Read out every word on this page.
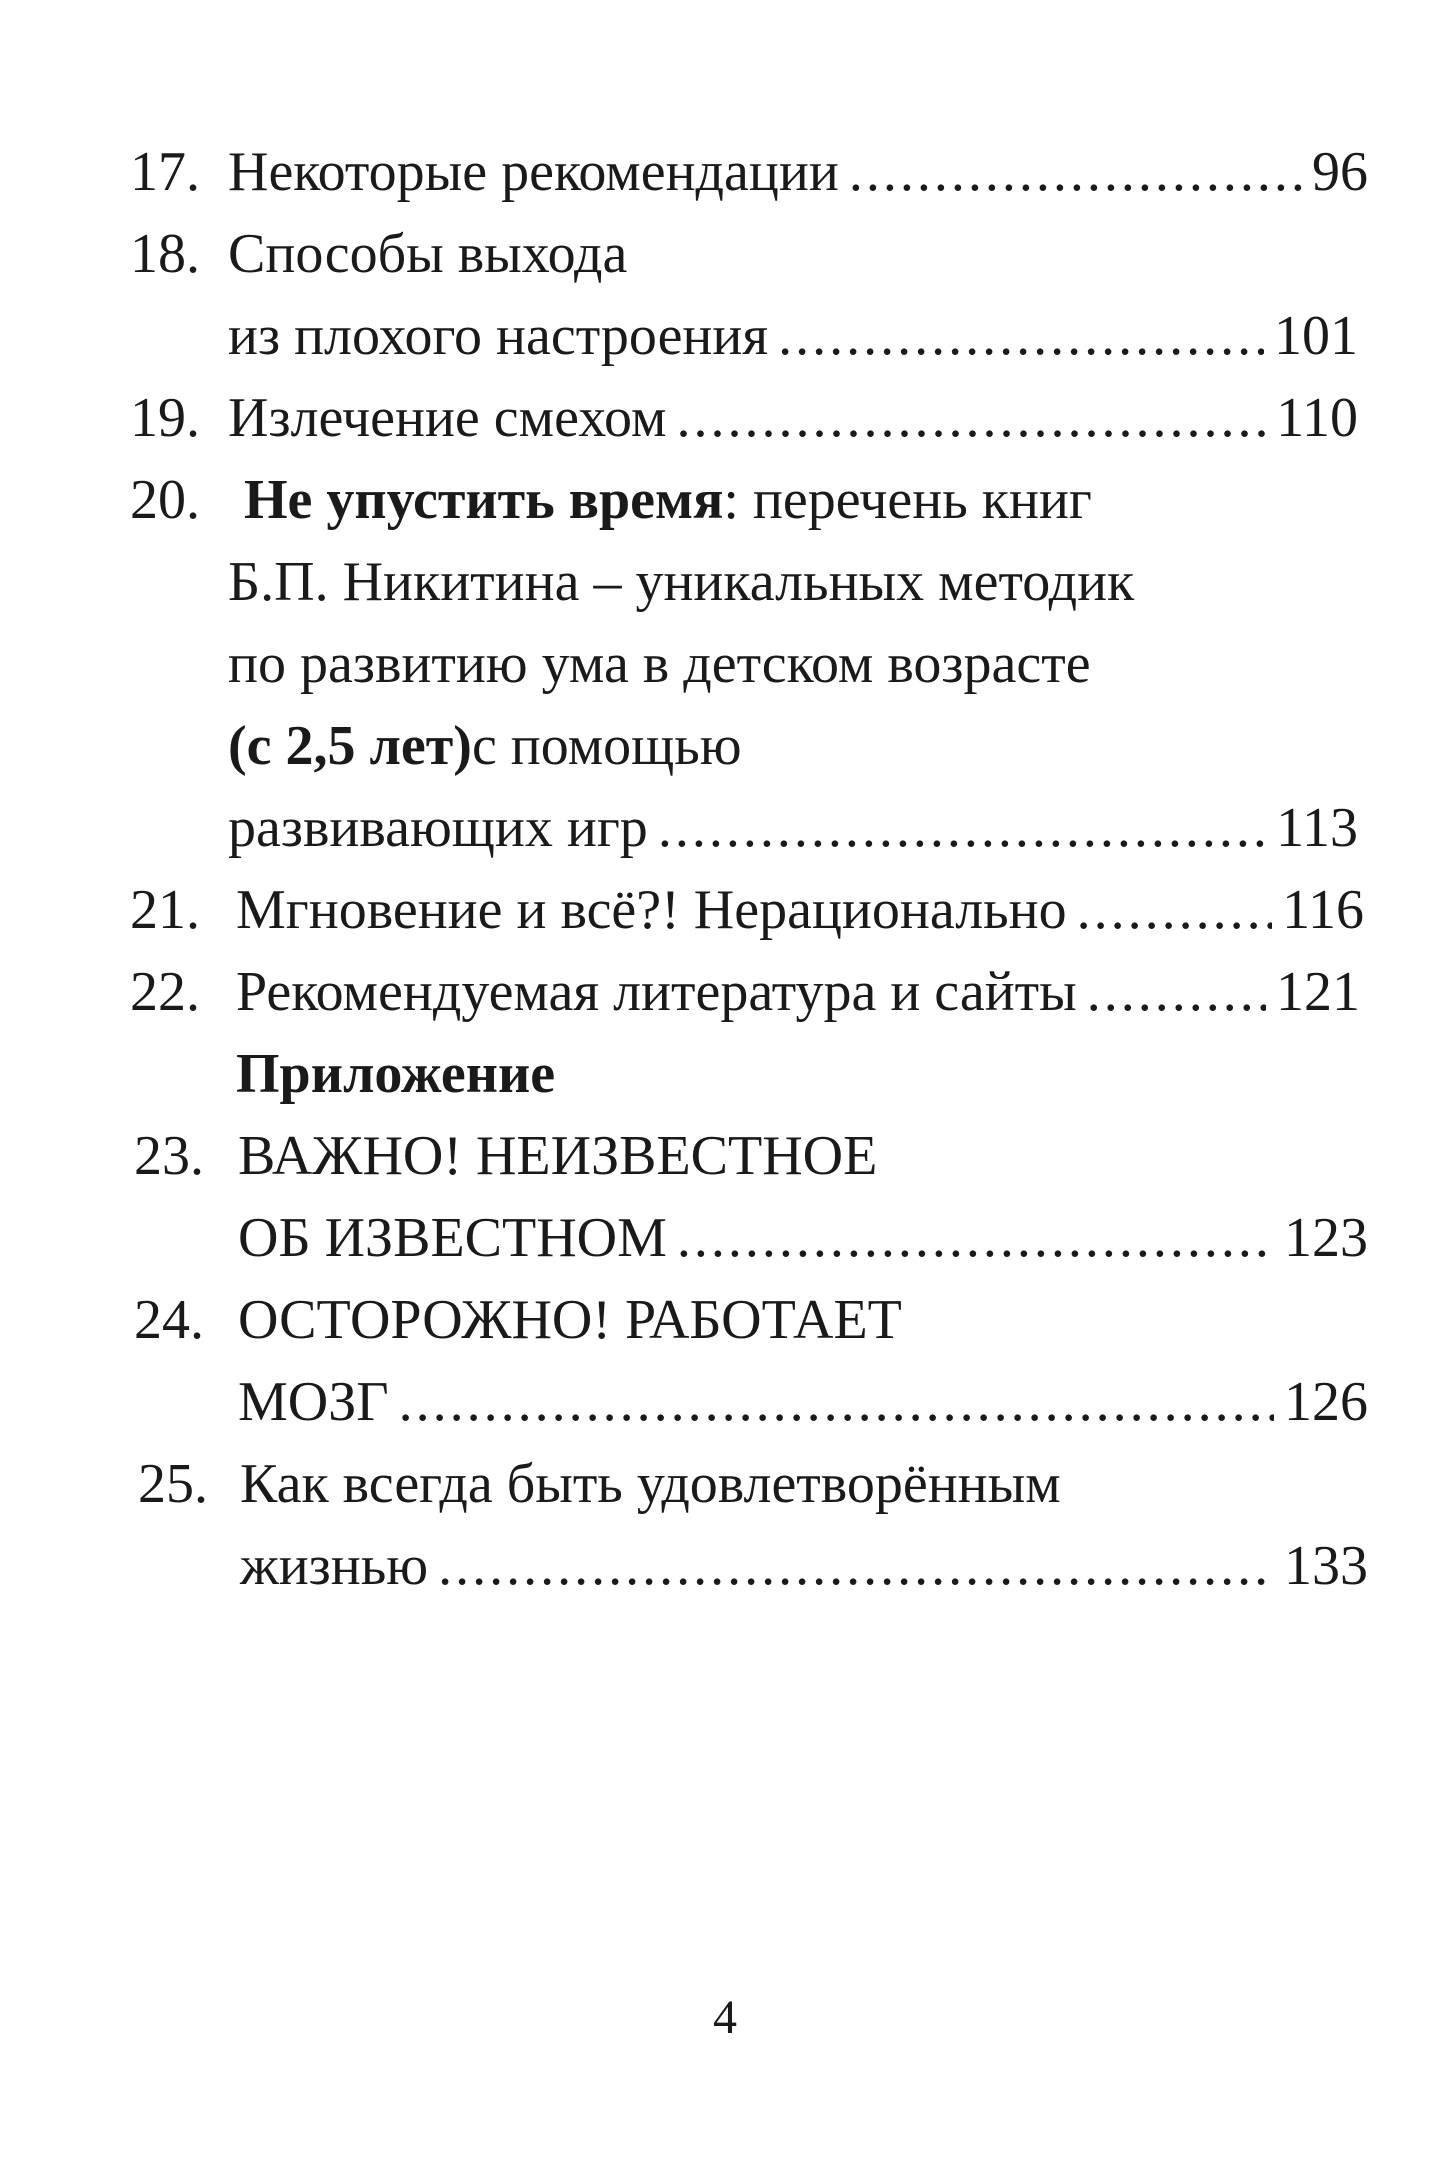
17. Некоторые рекомендации .....	96
18. Способы выхода
из плохого настроения .....	101
19. Излечение смехом .....	110
20. Не упустить время : перечень книг
Б.П. Никитина – уникальных методик
по развитию ума в детском возрасте
(с 2,5 лет) с помощью
развивающих игр .....	113
21. Мгновение и всё?! Нерационально .....	116
22. Рекомендуемая литература и сайты .....	121
Приложение
23. ВАЖНО! НЕИЗВЕСТНОЕ
ОБ ИЗВЕСТНОМ .....	123
24. ОСТОРОЖНО! РАБОТАЕТ
МОЗГ .....	126
25. Как всегда быть удовлетворённым
жизнью .....	133
4
